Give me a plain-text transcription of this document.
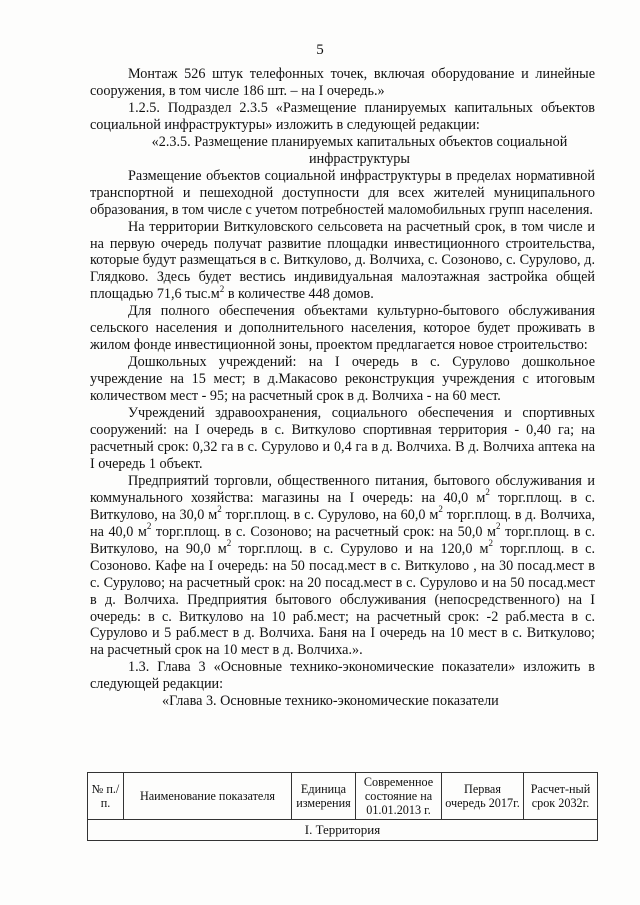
5

Монтаж 526 штук телефонных точек, включая оборудование и линейные сооружения, в том числе 186 шт. – на I очередь.»

1.2.5. Подраздел 2.3.5 «Размещение планируемых капитальных объектов социальной инфраструктуры» изложить в следующей редакции:

«2.3.5. Размещение планируемых капитальных объектов социальной инфраструктуры

Размещение объектов социальной инфраструктуры в пределах нормативной транспортной и пешеходной доступности для всех жителей муниципального образования, в том числе с учетом потребностей маломобильных групп населения.

На территории Виткуловского сельсовета на расчетный срок, в том числе и на первую очередь получат развитие площадки инвестиционного строительства, которые будут размещаться в с. Виткулово, д. Волчиха, с. Созоново, с. Сурулово, д. Глядково. Здесь будет вестись индивидуальная малоэтажная застройка общей площадью 71,6 $тыс.м^2$ в количестве 448 домов.

Для полного обеспечения объектами культурно-бытового обслуживания сельского населения и дополнительного населения, которое будет проживать в жилом фонде инвестиционной зоны, проектом предлагается новое строительство:

Дошкольных учреждений: на I очередь в с. Сурулово дошкольное учреждение на 15 мест; в д.Макасово реконструкция учреждения с итоговым количеством мест - 95; на расчетный срок в д. Волчиха - на 60 мест.

Учреждений здравоохранения, социального обеспечения и спортивных сооружений: на I очередь в с. Виткулово спортивная территория - 0,40 га; на расчетный срок: 0,32 га в с. Сурулово и 0,4 га в д. Волчиха. В д. Волчиха аптека на I очередь 1 объект.

Предприятий торговли, общественного питания, бытового обслуживания и коммунального хозяйства: магазины на I очередь: на 40,0 $м^2$ торг.площ. в с. Виткулово, на 30,0 $м^2$ торг.площ. в с. Сурулово, на 60,0 $м^2$ торг.площ. в д. Волчиха, на 40,0 $м^2$ торг.площ. в с. Созоново; на расчетный срок: на 50,0 $м^2$ торг.площ. в с. Виткулово, на 90,0 $м^2$ торг.площ. в с. Сурулово и на 120,0 $м^2$ торг.площ. в с. Созоново. Кафе на I очередь: на 50 посад.мест в с. Виткулово , на 30 посад.мест в с. Сурулово; на расчетный срок: на 20 посад.мест в с. Сурулово и на 50 посад.мест в д. Волчиха. Предприятия бытового обслуживания (непосредственного) на I очередь: в с. Виткулово на 10 раб.мест; на расчетный срок: -2 раб.места в с. Сурулово и 5 раб.мест в д. Волчиха. Баня на I очередь на 10 мест в с. Виткулово; на расчетный срок на 10 мест в д. Волчиха.».

1.3. Глава 3 «Основные технико-экономические показатели» изложить в следующей редакции:

«Глава 3. Основные технико-экономические показатели

№ п./п.	Наименование показателя	Единица измерения	Современное состояние на 01.01.2013 г.	Первая очередь 2017г.	Расчет-ный срок 2032г.
I. Территория
